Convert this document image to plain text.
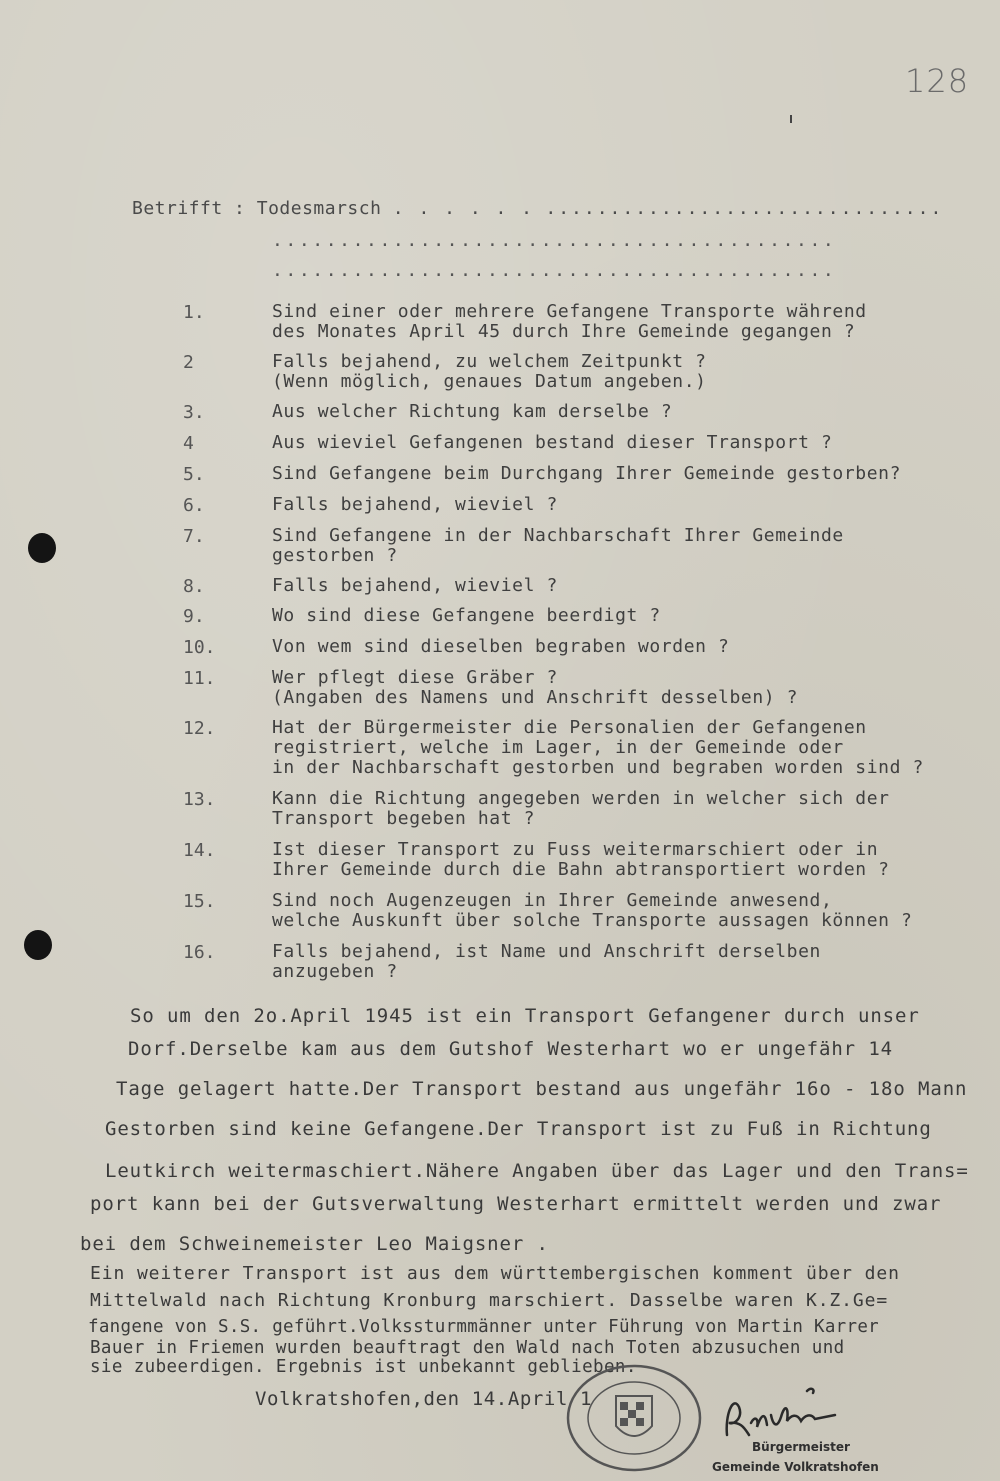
128
Betrifft : Todesmarsch . . . . . . ...............................
..........................................
..........................................
1.	Sind einer oder mehrere Gefangene Transporte während
des Monates April 45 durch Ihre Gemeinde gegangen ?
2	Falls bejahend, zu welchem Zeitpunkt ?
(Wenn möglich, genaues Datum angeben.)
3.	Aus welcher Richtung kam derselbe ?
4	Aus wieviel Gefangenen bestand dieser Transport ?
5.	Sind Gefangene beim Durchgang Ihrer Gemeinde gestorben?
6.	Falls bejahend, wieviel ?
7.	Sind Gefangene in der Nachbarschaft Ihrer Gemeinde
gestorben ?
8.	Falls bejahend, wieviel ?
9.	Wo sind diese Gefangene beerdigt ?
10.	Von wem sind dieselben begraben worden ?
11.	Wer pflegt diese Gräber ?
(Angaben des Namens und Anschrift desselben) ?
12.	Hat der Bürgermeister die Personalien der Gefangenen
registriert, welche im Lager, in der Gemeinde oder
in der Nachbarschaft gestorben und begraben worden sind ?
13.	Kann die Richtung angegeben werden in welcher sich der
Transport begeben hat ?
14.	Ist dieser Transport zu Fuss weitermarschiert oder in
Ihrer Gemeinde durch die Bahn abtransportiert worden ?
15.	Sind noch Augenzeugen in Ihrer Gemeinde anwesend,
welche Auskunft über solche Transporte aussagen können ?
16.	Falls bejahend, ist Name und Anschrift derselben
anzugeben ?
So um den 2o.April 1945 ist ein Transport Gefangener durch unser
Dorf.Derselbe kam aus dem Gutshof Westerhart wo er ungefähr 14
Tage gelagert hatte.Der Transport bestand aus ungefähr 16o - 18o Mann
Gestorben sind keine Gefangene.Der Transport ist zu Fuß in Richtung
Leutkirch weitermaschiert.Nähere Angaben über das Lager und den Trans=
port kann bei der Gutsverwaltung Westerhart ermittelt werden und zwar
bei dem Schweinemeister Leo Maigsner .
Ein weiterer Transport ist aus dem württembergischen komment über den
Mittelwald nach Richtung Kronburg marschiert. Dasselbe waren K.Z.Ge=
fangene von S.S. geführt.Volkssturmmänner unter Führung von Martin Karrer
Bauer in Friemen wurden beauftragt den Wald nach Toten abzusuchen und
sie zubeerdigen. Ergebnis ist unbekannt geblieben.
Volkratshofen,den 14.April 1
Bürgermeister
Gemeinde Volkratshofen
